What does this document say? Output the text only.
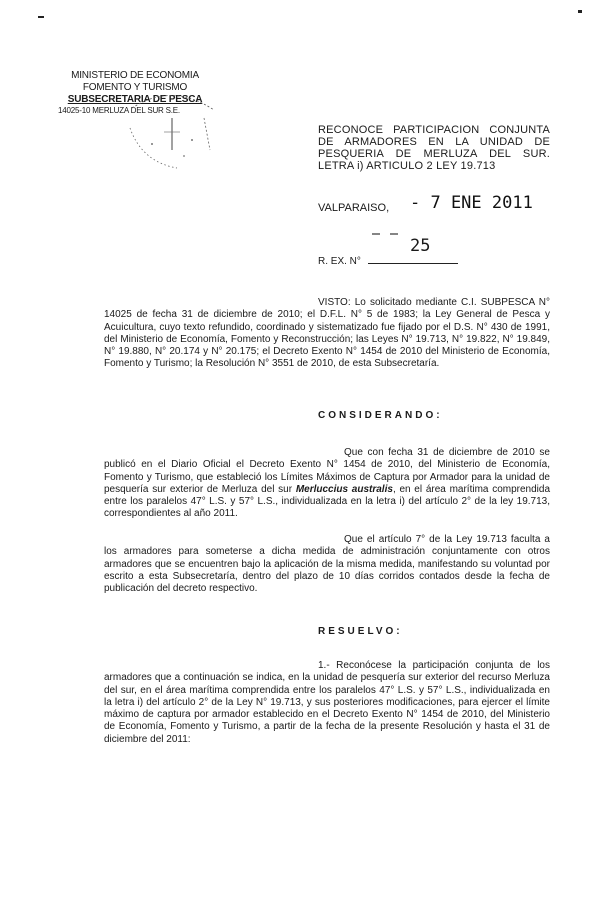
MINISTERIO DE ECONOMIA
FOMENTO Y TURISMO
SUBSECRETARIA DE PESCA
14025-10 MERLUZA DEL SUR S.E.
RECONOCE PARTICIPACION CONJUNTA DE ARMADORES EN LA UNIDAD DE PESQUERIA DE MERLUZA DEL SUR. LETRA i) ARTICULO 2 LEY 19.713
VALPARAISO, - 7 ENE 2011
25
R. EX. N°
VISTO: Lo solicitado mediante C.I. SUBPESCA N° 14025 de fecha 31 de diciembre de 2010; el D.F.L. N° 5 de 1983; la Ley General de Pesca y Acuicultura, cuyo texto refundido, coordinado y sistematizado fue fijado por el D.S. N° 430 de 1991, del Ministerio de Economía, Fomento y Reconstrucción; las Leyes N° 19.713, N° 19.822, N° 19.849, N° 19.880, N° 20.174 y N° 20.175; el Decreto Exento N° 1454 de 2010 del Ministerio de Economía, Fomento y Turismo; la Resolución N° 3551 de 2010, de esta Subsecretaría.
CONSIDERANDO:
Que con fecha 31 de diciembre de 2010 se publicó en el Diario Oficial el Decreto Exento N° 1454 de 2010, del Ministerio de Economía, Fomento y Turismo, que estableció los Límites Máximos de Captura por Armador para la unidad de pesquería sur exterior de Merluza del sur Merluccius australis, en el área marítima comprendida entre los paralelos 47° L.S. y 57° L.S., individualizada en la letra i) del artículo 2° de la ley 19.713, correspondientes al año 2011.
Que el artículo 7° de la Ley 19.713 faculta a los armadores para someterse a dicha medida de administración conjuntamente con otros armadores que se encuentren bajo la aplicación de la misma medida, manifestando su voluntad por escrito a esta Subsecretaría, dentro del plazo de 10 días corridos contados desde la fecha de publicación del decreto respectivo.
RESUELVO:
1.- Reconócese la participación conjunta de los armadores que a continuación se indica, en la unidad de pesquería sur exterior del recurso Merluza del sur, en el área marítima comprendida entre los paralelos 47° L.S. y 57° L.S., individualizada en la letra i) del artículo 2° de la Ley N° 19.713, y sus posteriores modificaciones, para ejercer el límite máximo de captura por armador establecido en el Decreto Exento N° 1454 de 2010, del Ministerio de Economía, Fomento y Turismo, a partir de la fecha de la presente Resolución y hasta el 31 de diciembre del 2011:
